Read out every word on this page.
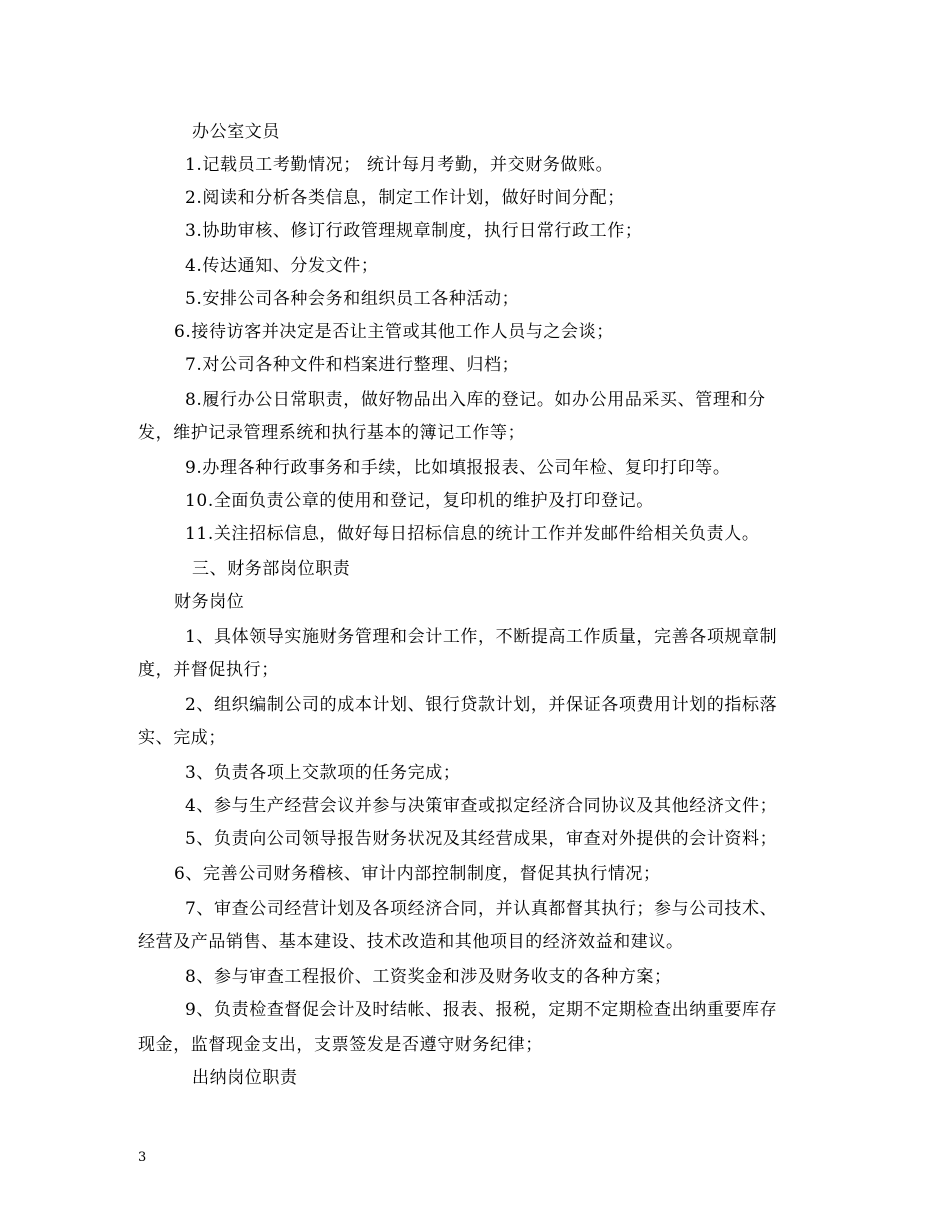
办公室文员
1.记载员工考勤情况； 统计每月考勤，并交财务做账。
2.阅读和分析各类信息，制定工作计划，做好时间分配；
3.协助审核、修订行政管理规章制度，执行日常行政工作；
4.传达通知、分发文件；
5.安排公司各种会务和组织员工各种活动；
6.接待访客并决定是否让主管或其他工作人员与之会谈；
7.对公司各种文件和档案进行整理、归档；
8.履行办公日常职责，做好物品出入库的登记。如办公用品采买、管理和分
发，维护记录管理系统和执行基本的簿记工作等；
9.办理各种行政事务和手续，比如填报报表、公司年检、复印打印等。
10.全面负责公章的使用和登记，复印机的维护及打印登记。
11.关注招标信息，做好每日招标信息的统计工作并发邮件给相关负责人。
三、财务部岗位职责
财务岗位
1、具体领导实施财务管理和会计工作，不断提高工作质量，完善各项规章制
度，并督促执行；
2、组织编制公司的成本计划、银行贷款计划，并保证各项费用计划的指标落
实、完成；
3、负责各项上交款项的任务完成；
4、参与生产经营会议并参与决策审查或拟定经济合同协议及其他经济文件；
5、负责向公司领导报告财务状况及其经营成果，审查对外提供的会计资料；
6、完善公司财务稽核、审计内部控制制度，督促其执行情况；
7、审查公司经营计划及各项经济合同，并认真都督其执行；参与公司技术、
经营及产品销售、基本建设、技术改造和其他项目的经济效益和建议。
8、参与审查工程报价、工资奖金和涉及财务收支的各种方案；
9、负责检查督促会计及时结帐、报表、报税，定期不定期检查出纳重要库存
现金，监督现金支出，支票签发是否遵守财务纪律；
出纳岗位职责
3
